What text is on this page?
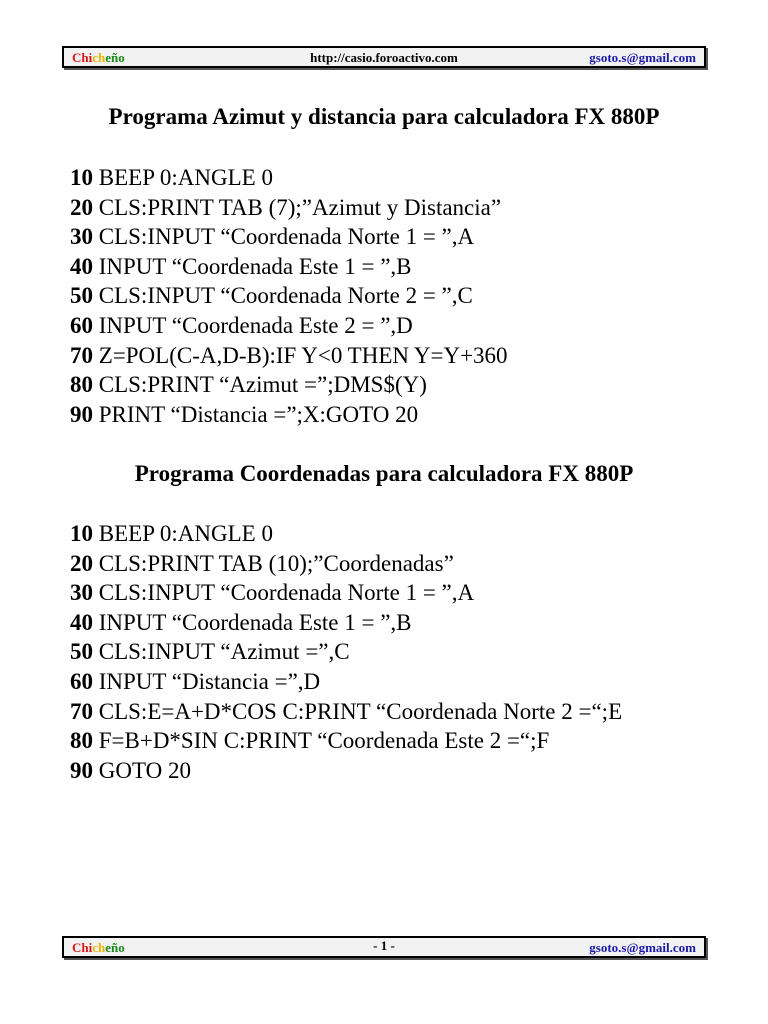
Chicheño	http://casio.foroactivo.com	gsoto.s@gmail.com
Programa Azimut y distancia para calculadora FX 880P
10 BEEP 0:ANGLE 0
20 CLS:PRINT TAB (7);”Azimut y Distancia”
30 CLS:INPUT “Coordenada Norte 1 = ”,A
40 INPUT “Coordenada Este 1 = ”,B
50 CLS:INPUT “Coordenada Norte 2 = ”,C
60 INPUT “Coordenada Este 2 = ”,D
70 Z=POL(C-A,D-B):IF Y<0 THEN Y=Y+360
80 CLS:PRINT “Azimut =”;DMS$(Y)
90 PRINT “Distancia =”;X:GOTO 20
Programa Coordenadas para calculadora FX 880P
10 BEEP 0:ANGLE 0
20 CLS:PRINT TAB (10);”Coordenadas”
30 CLS:INPUT “Coordenada Norte 1 = ”,A
40 INPUT “Coordenada Este 1 = ”,B
50 CLS:INPUT “Azimut =”,C
60 INPUT “Distancia =”,D
70 CLS:E=A+D*COS C:PRINT “Coordenada Norte 2 =“;E
80 F=B+D*SIN C:PRINT “Coordenada Este 2 =“;F
90 GOTO 20
Chicheño	- 1 -	gsoto.s@gmail.com
